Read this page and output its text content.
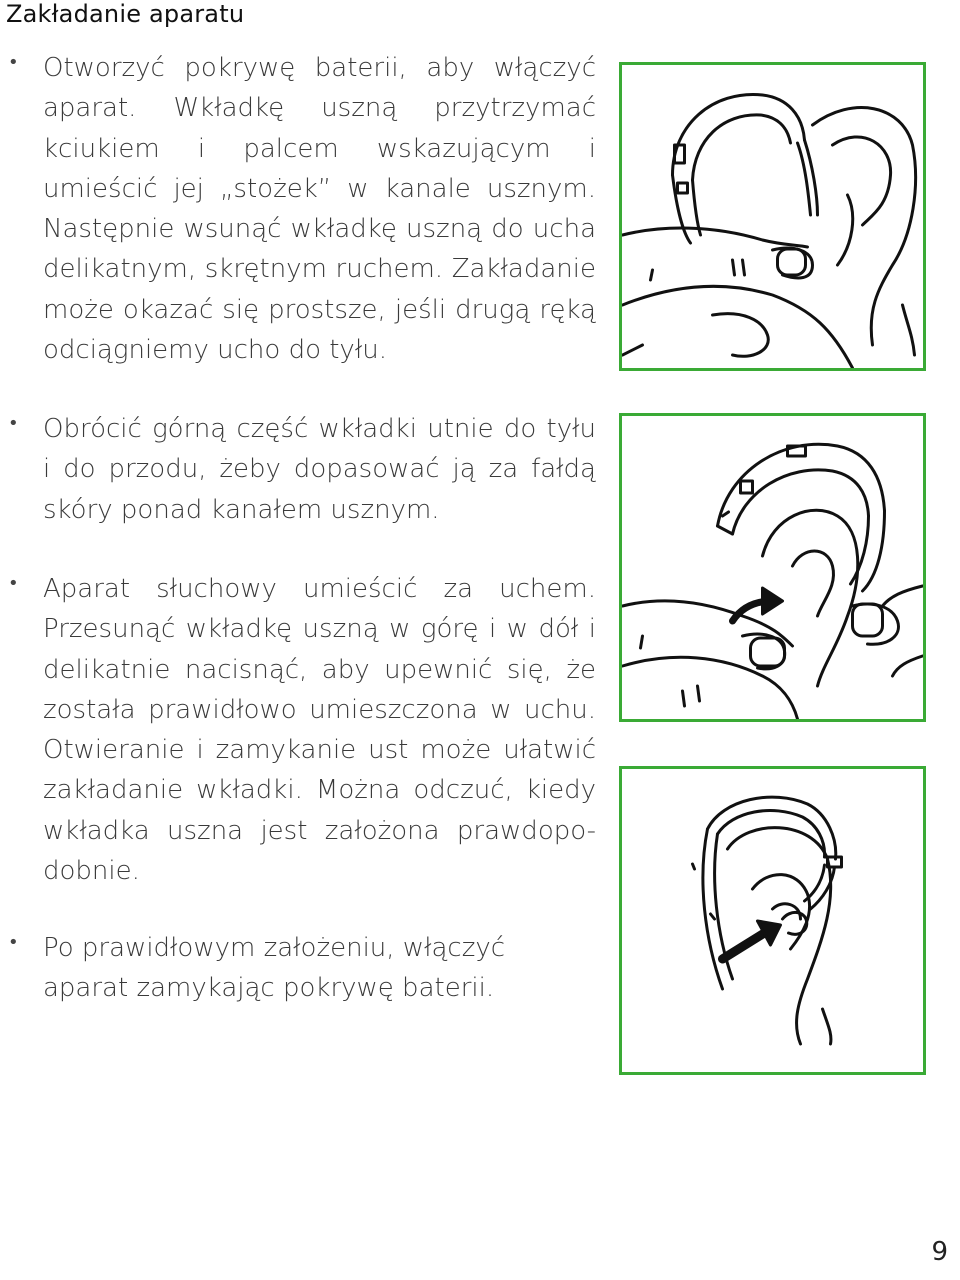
Zakładanie aparatu
• Otworzyć pokrywę baterii, aby włączyć aparat. Wkładkę uszną przytrzymać kciukiem i palcem wskazującym i umieścić jej „stożek” w kanale usznym. Następnie wsunąć wkładkę uszną do ucha delikatnym, skrętnym ruchem. Zakładanie może okazać się prostsze, jeśli drugą ręką odciągniemy ucho do tyłu.

• Obrócić górną część wkładki utnie do tyłu i do przodu, żeby dopasować ją za fałdą skóry ponad kanałem usznym.

• Aparat słuchowy umieścić za uchem. Przesunąć wkładkę uszną w górę i w dół i delikatnie nacisnąć, aby upewnić się, że została prawidłowo umieszczona w uchu. Otwieranie i zamykanie ust może ułatwić zakładanie wkładki. Można odczuć, kiedy wkładka uszna jest założona prawdopo-dobnie.

• Po prawidłowym założeniu, włączyć aparat zamykając pokrywę baterii.

9
